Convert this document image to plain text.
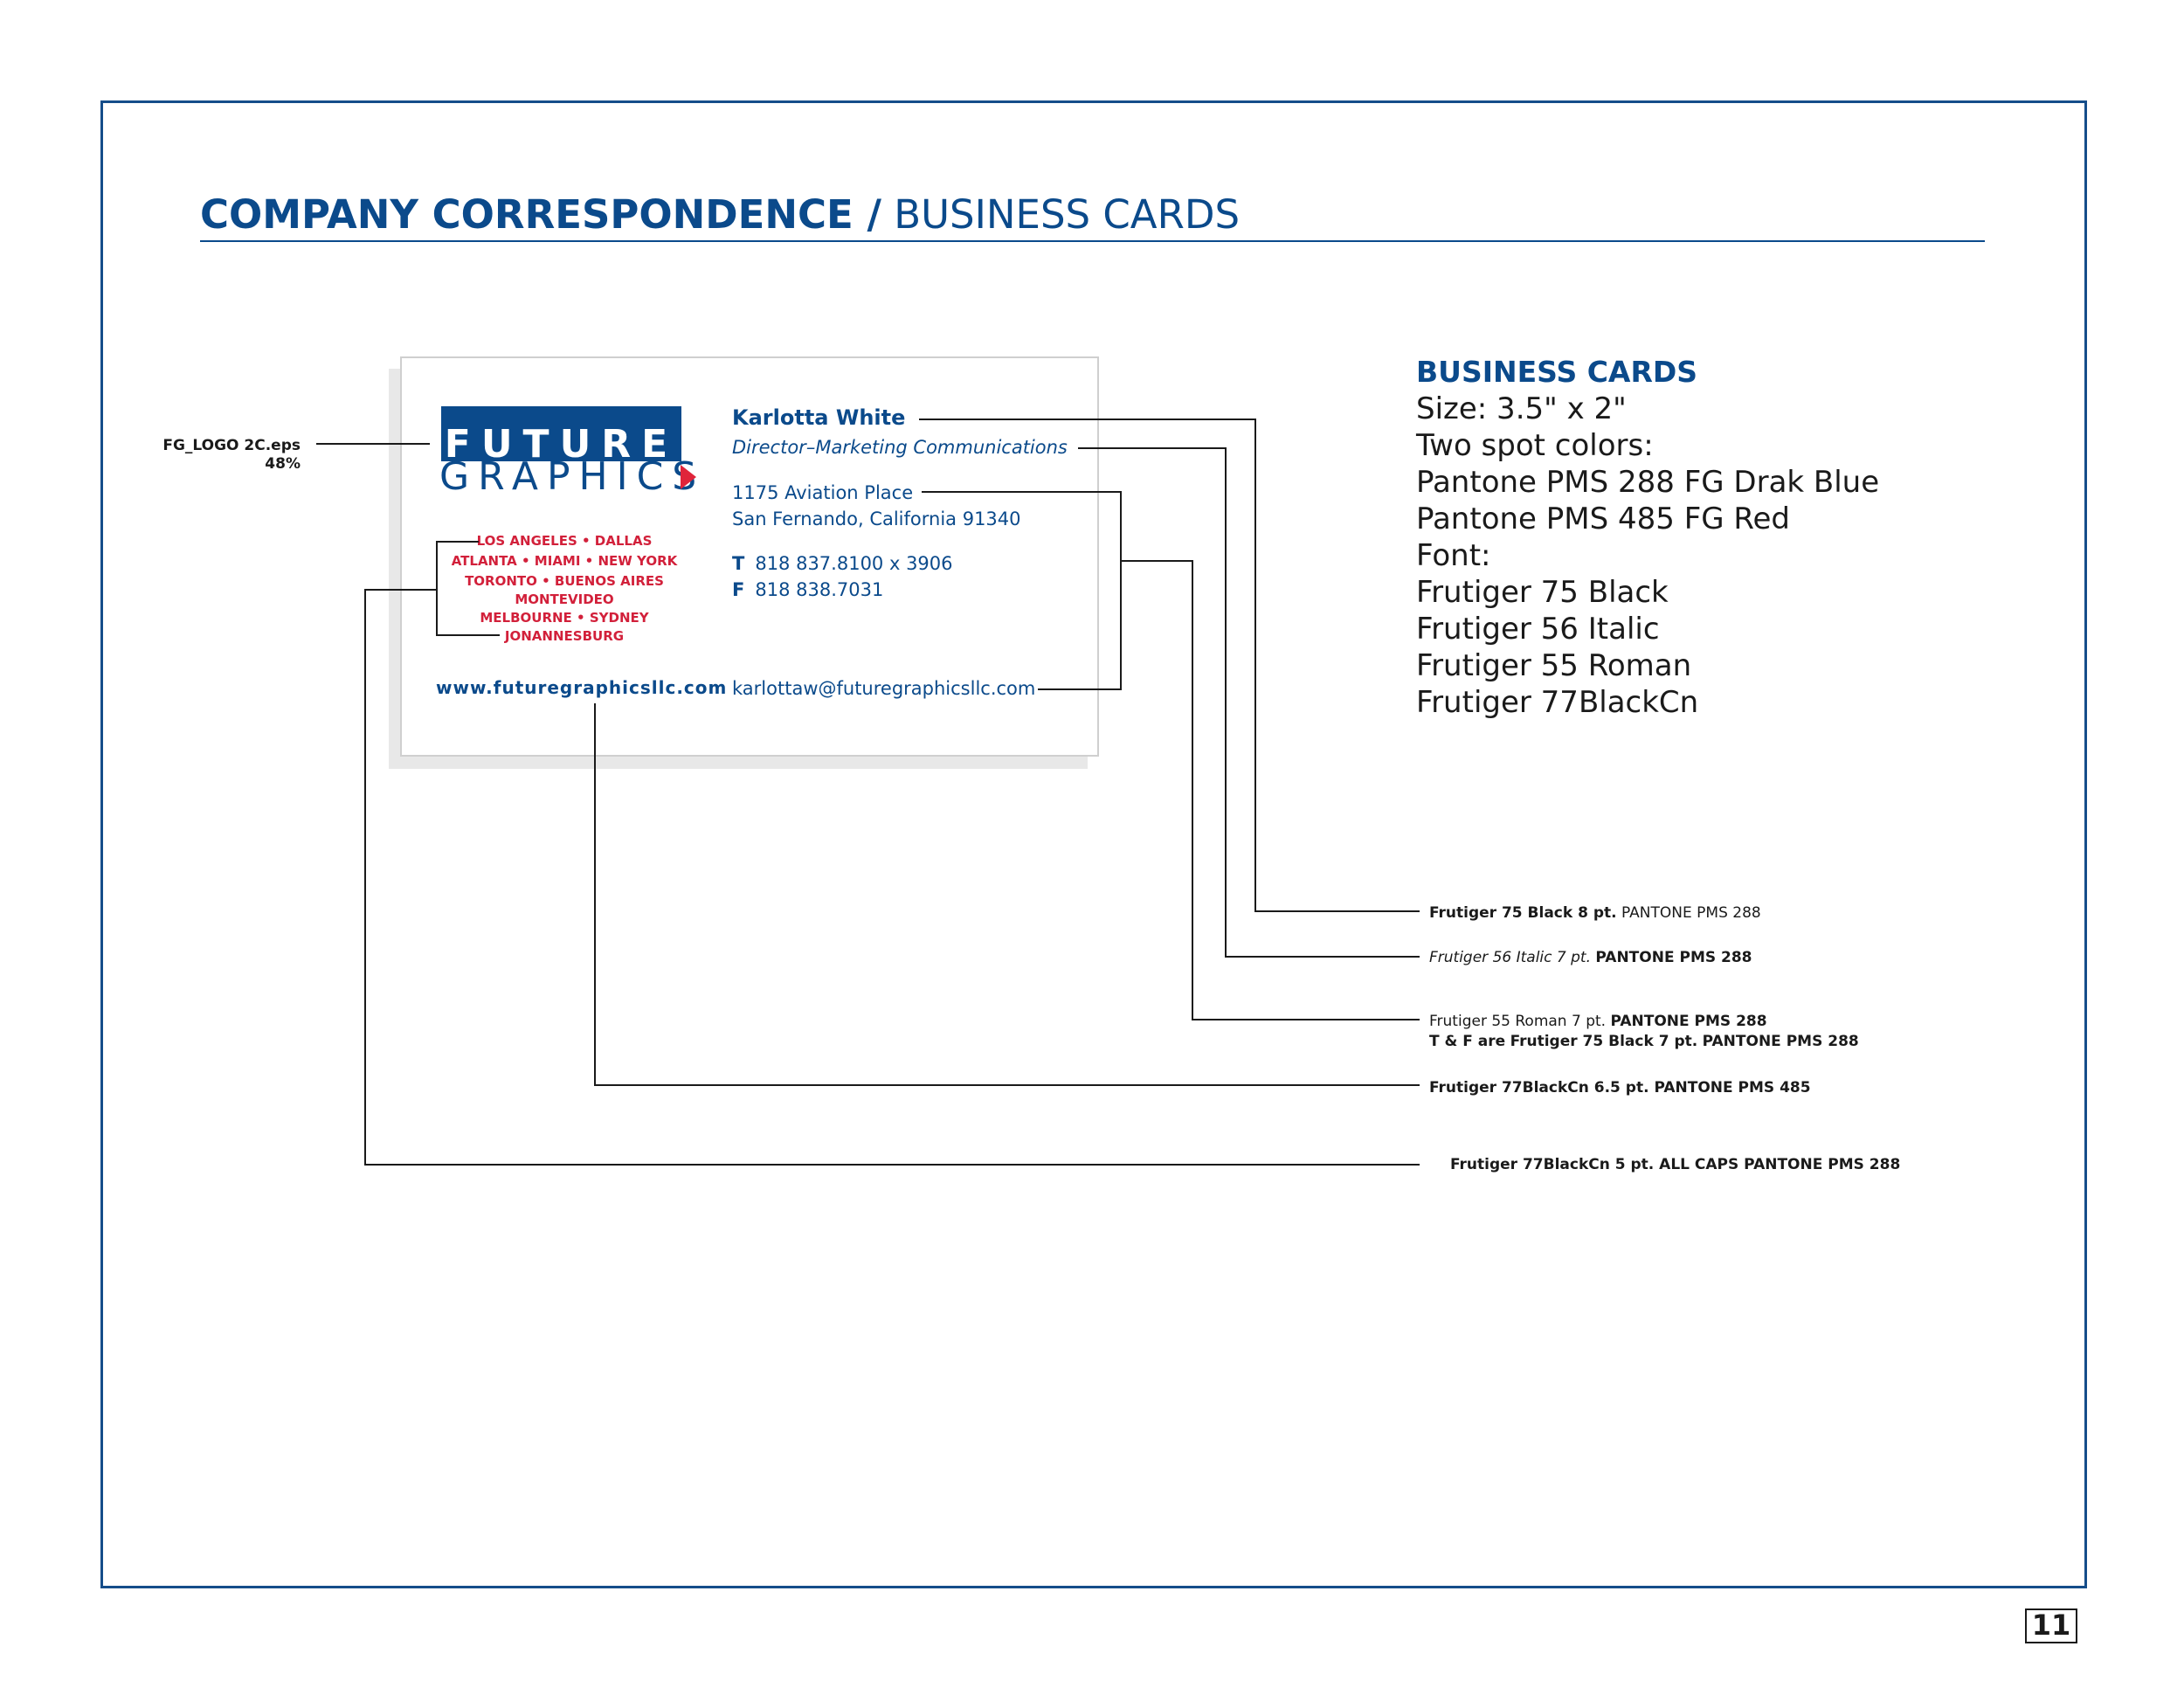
COMPANY CORRESPONDENCE / BUSINESS CARDS
FUTURE
GRAPHICS
LOS ANGELES • DALLAS
ATLANTA • MIAMI • NEW YORK
TORONTO • BUENOS AIRES
MONTEVIDEO
MELBOURNE • SYDNEY
JONANNESBURG
www.futuregraphicsllc.com
Karlotta White
Director–Marketing Communications
1175 Aviation Place
San Fernando, California 91340
T 818 837.8100 x 3906
F 818 838.7031
karlottaw@futuregraphicsllc.com
FG_LOGO 2C.eps
48%
BUSINESS CARDS
Size: 3.5" x 2"
Two spot colors:
Pantone PMS 288 FG Drak Blue
Pantone PMS 485 FG Red
Font:
Frutiger 75 Black
Frutiger 56 Italic
Frutiger 55 Roman
Frutiger 77BlackCn
Frutiger 75 Black 8 pt. PANTONE PMS 288
Frutiger 56 Italic 7 pt. PANTONE PMS 288
Frutiger 55 Roman 7 pt. PANTONE PMS 288
T & F are Frutiger 75 Black 7 pt. PANTONE PMS 288
Frutiger 77BlackCn 6.5 pt. PANTONE PMS 485
Frutiger 77BlackCn 5 pt. ALL CAPS PANTONE PMS 288
11
